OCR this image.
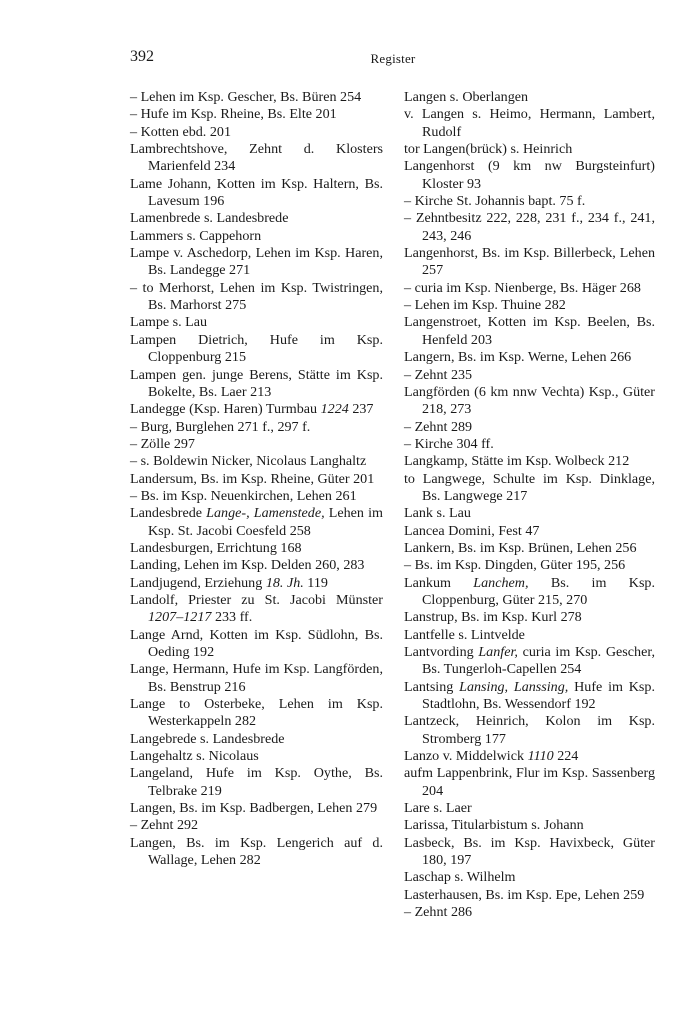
392	Register
– Lehen im Ksp. Gescher, Bs. Büren 254
– Hufe im Ksp. Rheine, Bs. Elte 201
– Kotten ebd. 201
Lambrechtshove, Zehnt d. Klosters Marienfeld 234
Lame Johann, Kotten im Ksp. Haltern, Bs. Lavesum 196
Lamenbrede s. Landesbrede
Lammers s. Cappehorn
Lampe v. Aschedorp, Lehen im Ksp. Haren, Bs. Landegge 271
– to Merhorst, Lehen im Ksp. Twistringen, Bs. Marhorst 275
Lampe s. Lau
Lampen Dietrich, Hufe im Ksp. Cloppenburg 215
Lampen gen. junge Berens, Stätte im Ksp. Bokelte, Bs. Laer 213
Landegge (Ksp. Haren) Turmbau 1224 237
– Burg, Burglehen 271 f., 297 f.
– Zölle 297
– s. Boldewin Nicker, Nicolaus Langhaltz
Landersum, Bs. im Ksp. Rheine, Güter 201
– Bs. im Ksp. Neuenkirchen, Lehen 261
Landesbrede Lange-, Lamenstede, Lehen im Ksp. St. Jacobi Coesfeld 258
Landesburgen, Errichtung 168
Landing, Lehen im Ksp. Delden 260, 283
Landjugend, Erziehung 18. Jh. 119
Landolf, Priester zu St. Jacobi Münster 1207–1217 233 ff.
Lange Arnd, Kotten im Ksp. Südlohn, Bs. Oeding 192
Lange, Hermann, Hufe im Ksp. Langförden, Bs. Benstrup 216
Lange to Osterbeke, Lehen im Ksp. Westerkappeln 282
Langebrede s. Landesbrede
Langehaltz s. Nicolaus
Langeland, Hufe im Ksp. Oythe, Bs. Telbrake 219
Langen, Bs. im Ksp. Badbergen, Lehen 279
– Zehnt 292
Langen, Bs. im Ksp. Lengerich auf d. Wallage, Lehen 282
Langen s. Oberlangen
v. Langen s. Heimo, Hermann, Lambert, Rudolf
tor Langen(brück) s. Heinrich
Langenhorst (9 km nw Burgsteinfurt) Kloster 93
– Kirche St. Johannis bapt. 75 f.
– Zehntbesitz 222, 228, 231 f., 234 f., 241, 243, 246
Langenhorst, Bs. im Ksp. Billerbeck, Lehen 257
– curia im Ksp. Nienberge, Bs. Häger 268
– Lehen im Ksp. Thuine 282
Langenstroet, Kotten im Ksp. Beelen, Bs. Henfeld 203
Langern, Bs. im Ksp. Werne, Lehen 266
– Zehnt 235
Langförden (6 km nnw Vechta) Ksp., Güter 218, 273
– Zehnt 289
– Kirche 304 ff.
Langkamp, Stätte im Ksp. Wolbeck 212
to Langwege, Schulte im Ksp. Dinklage, Bs. Langwege 217
Lank s. Lau
Lancea Domini, Fest 47
Lankern, Bs. im Ksp. Brünen, Lehen 256
– Bs. im Ksp. Dingden, Güter 195, 256
Lankum Lanchem, Bs. im Ksp. Cloppenburg, Güter 215, 270
Lanstrup, Bs. im Ksp. Kurl 278
Lantfelle s. Lintvelde
Lantvording Lanfer, curia im Ksp. Gescher, Bs. Tungerloh-Capellen 254
Lantsing Lansing, Lanssing, Hufe im Ksp. Stadtlohn, Bs. Wessendorf 192
Lantzeck, Heinrich, Kolon im Ksp. Stromberg 177
Lanzo v. Middelwick 1110 224
aufm Lappenbrink, Flur im Ksp. Sassenberg 204
Lare s. Laer
Larissa, Titularbistum s. Johann
Lasbeck, Bs. im Ksp. Havixbeck, Güter 180, 197
Laschap s. Wilhelm
Lasterhausen, Bs. im Ksp. Epe, Lehen 259
– Zehnt 286
